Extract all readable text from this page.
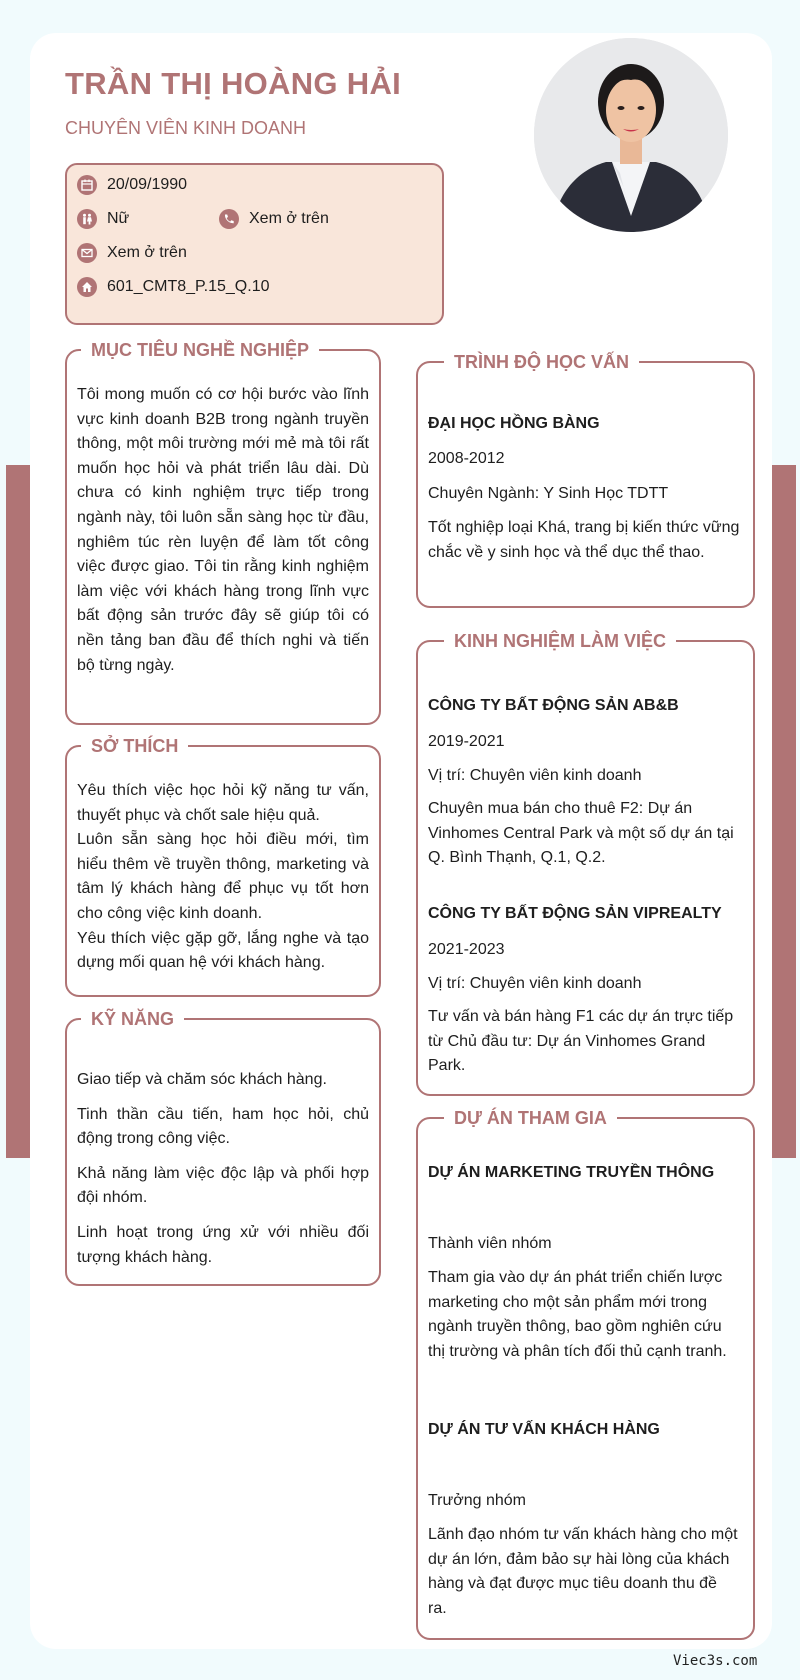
TRẦN THỊ HOÀNG HẢI
CHUYÊN VIÊN KINH DOANH
20/09/1990
Nữ	Xem ở trên
Xem ở trên
601_CMT8_P.15_Q.10
MỤC TIÊU NGHỀ NGHIỆP
Tôi mong muốn có cơ hội bước vào lĩnh vực kinh doanh B2B trong ngành truyền thông, một môi trường mới mẻ mà tôi rất muốn học hỏi và phát triển lâu dài. Dù chưa có kinh nghiệm trực tiếp trong ngành này, tôi luôn sẵn sàng học từ đầu, nghiêm túc rèn luyện để làm tốt công việc được giao. Tôi tin rằng kinh nghiệm làm việc với khách hàng trong lĩnh vực bất động sản trước đây sẽ giúp tôi có nền tảng ban đầu để thích nghi và tiến bộ từng ngày.
SỞ THÍCH
Yêu thích việc học hỏi kỹ năng tư vấn, thuyết phục và chốt sale hiệu quả.
Luôn sẵn sàng học hỏi điều mới, tìm hiểu thêm về truyền thông, marketing và tâm lý khách hàng để phục vụ tốt hơn cho công việc kinh doanh.
Yêu thích việc gặp gỡ, lắng nghe và tạo dựng mối quan hệ với khách hàng.
KỸ NĂNG

Giao tiếp và chăm sóc khách hàng.

Tinh thần cầu tiến, ham học hỏi, chủ động trong công việc.

Khả năng làm việc độc lập và phối hợp đội nhóm.

Linh hoạt trong ứng xử với nhiều đối tượng khách hàng.

TRÌNH ĐỘ HỌC VẤN
ĐẠI HỌC HỒNG BÀNG
2008-2012
Chuyên Ngành: Y Sinh Học TDTT
Tốt nghiệp loại Khá, trang bị kiến thức vững chắc về y sinh học và thể dục thể thao.
KINH NGHIỆM LÀM VIỆC
CÔNG TY BẤT ĐỘNG SẢN AB&B
2019-2021
Vị trí: Chuyên viên kinh doanh
Chuyên mua bán cho thuê F2: Dự án Vinhomes Central Park và một số dự án tại Q. Bình Thạnh, Q.1, Q.2.
CÔNG TY BẤT ĐỘNG SẢN VIPREALTY
2021-2023
Vị trí: Chuyên viên kinh doanh
Tư vấn và bán hàng F1 các dự án trực tiếp từ Chủ đầu tư: Dự án Vinhomes Grand Park.
DỰ ÁN THAM GIA
DỰ ÁN MARKETING TRUYỀN THÔNG
Thành viên nhóm
Tham gia vào dự án phát triển chiến lược marketing cho một sản phẩm mới trong ngành truyền thông, bao gồm nghiên cứu thị trường và phân tích đối thủ cạnh tranh.
DỰ ÁN TƯ VẤN KHÁCH HÀNG
Trưởng nhóm
Lãnh đạo nhóm tư vấn khách hàng cho một dự án lớn, đảm bảo sự hài lòng của khách hàng và đạt được mục tiêu doanh thu đề ra.
Viec3s.com
